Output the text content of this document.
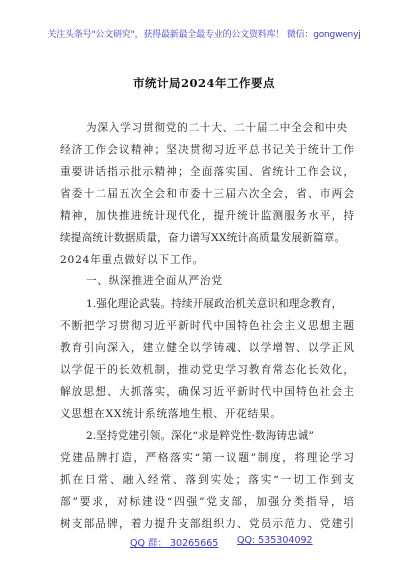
关注头条号"公文研究"，获得最新最全最专业的公文资料库！ 微信：gongwenyj
市统计局2024年工作要点
为深入学习贯彻党的二十大、二十届二中全会和中央
经济工作会议精神；坚决贯彻习近平总书记关于统计工作
重要讲话指示批示精神；全面落实国、省统计工作会议，
省委十二届五次全会和市委十三届六次全会，省、市两会
精神，加快推进统计现代化，提升统计监测服务水平，持
续提高统计数据质量，奋力谱写XX统计高质量发展新篇章。
2024年重点做好以下工作。
一、纵深推进全面从严治党
1.强化理论武装。持续开展政治机关意识和理念教育，
不断把学习贯彻习近平新时代中国特色社会主义思想主题
教育引向深入，建立健全以学铸魂、以学增智、以学正风
以学促干的长效机制，推动党史学习教育常态化长效化，
解放思想、大抓落实，确保习近平新时代中国特色社会主
义思想在XX统计系统落地生根、开花结果。
2.坚持党建引领。深化“求是粹党性·数海铸忠诚”
党建品牌打造，严格落实“第一议题”制度，将理论学习
抓在日常、融入经常、落到实处；落实“一切工作到支
部”要求，对标建设“四强”党支部，加强分类指导，培
树支部品牌，着力提升支部组织力、党员示范力、党建引
QQ 群： 30265665 QQ: 535304092
